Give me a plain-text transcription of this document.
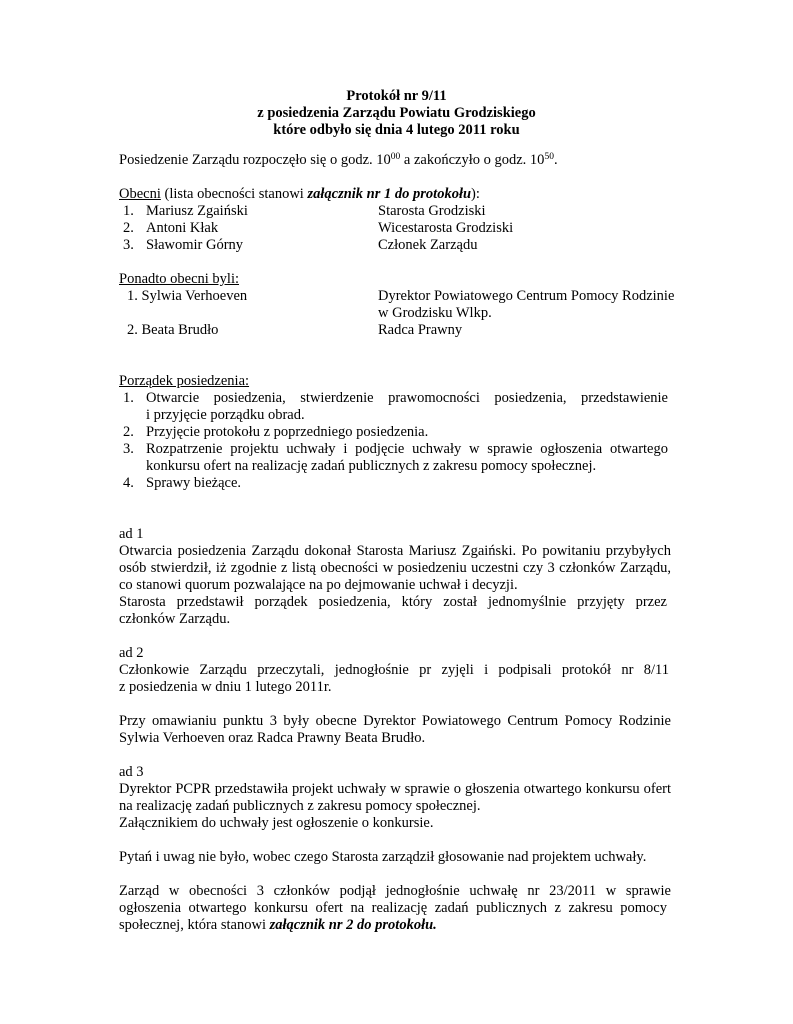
Protokół nr 9/11
z posiedzenia Zarządu Powiatu Grodziskiego
które odbyło się dnia 4 lutego 2011 roku
Posiedzenie Zarządu rozpoczęło się o godz. $10^{00}$ a zakończyło o godz. $10^{50}$.
Obecni (lista obecności stanowi załącznik nr 1 do protokołu):
1. Mariusz Zgaiński	Starosta Grodziski
2. Antoni Kłak	Wicestarosta Grodziski
3. Sławomir Górny	Członek Zarządu
Ponadto obecni byli:
1. Sylwia Verhoeven	Dyrektor Powiatowego Centrum Pomocy Rodzinie
w Grodzisku Wlkp.
2. Beata Brudło	Radca Prawny
Porządek posiedzenia:
1. Otwarcie posiedzenia, stwierdzenie prawomocności posiedzenia, przedstawienie
i przyjęcie porządku obrad.
2. Przyjęcie protokołu z poprzedniego posiedzenia.
3. Rozpatrzenie projektu uchwały i podjęcie uchwały w sprawie ogłoszenia otwartego
konkursu ofert na realizację zadań publicznych z zakresu pomocy społecznej.
4. Sprawy bieżące.
ad 1
Otwarcia posiedzenia Zarządu dokonał Starosta Mariusz Zgaiński. Po powitaniu przybyłych
osób stwierdził, iż zgodnie z listą obecności w posiedzeniu uczestni czy 3 członków Zarządu,
co stanowi quorum pozwalające na po dejmowanie uchwał i decyzji.
Starosta przedstawił porządek posiedzenia, który został jednomyślnie przyjęty przez
członków Zarządu.
ad 2
Członkowie Zarządu przeczytali, jednogłośnie pr zyjęli i podpisali protokół nr 8/11
z posiedzenia w dniu 1 lutego 2011r.
Przy omawianiu punktu 3 były obecne Dyrektor Powiatowego Centrum Pomocy Rodzinie
Sylwia Verhoeven oraz Radca Prawny Beata Brudło.
ad 3
Dyrektor PCPR przedstawiła projekt uchwały w sprawie o głoszenia otwartego konkursu ofert
na realizację zadań publicznych z zakresu pomocy społecznej.
Załącznikiem do uchwały jest ogłoszenie o konkursie.
Pytań i uwag nie było, wobec czego Starosta zarządził głosowanie nad projektem uchwały.
Zarząd w obecności 3 członków podjął jednogłośnie uchwałę nr 23/2011 w sprawie
ogłoszenia otwartego konkursu ofert na realizację zadań publicznych z zakresu pomocy
społecznej, która stanowi załącznik nr 2 do protokołu.
